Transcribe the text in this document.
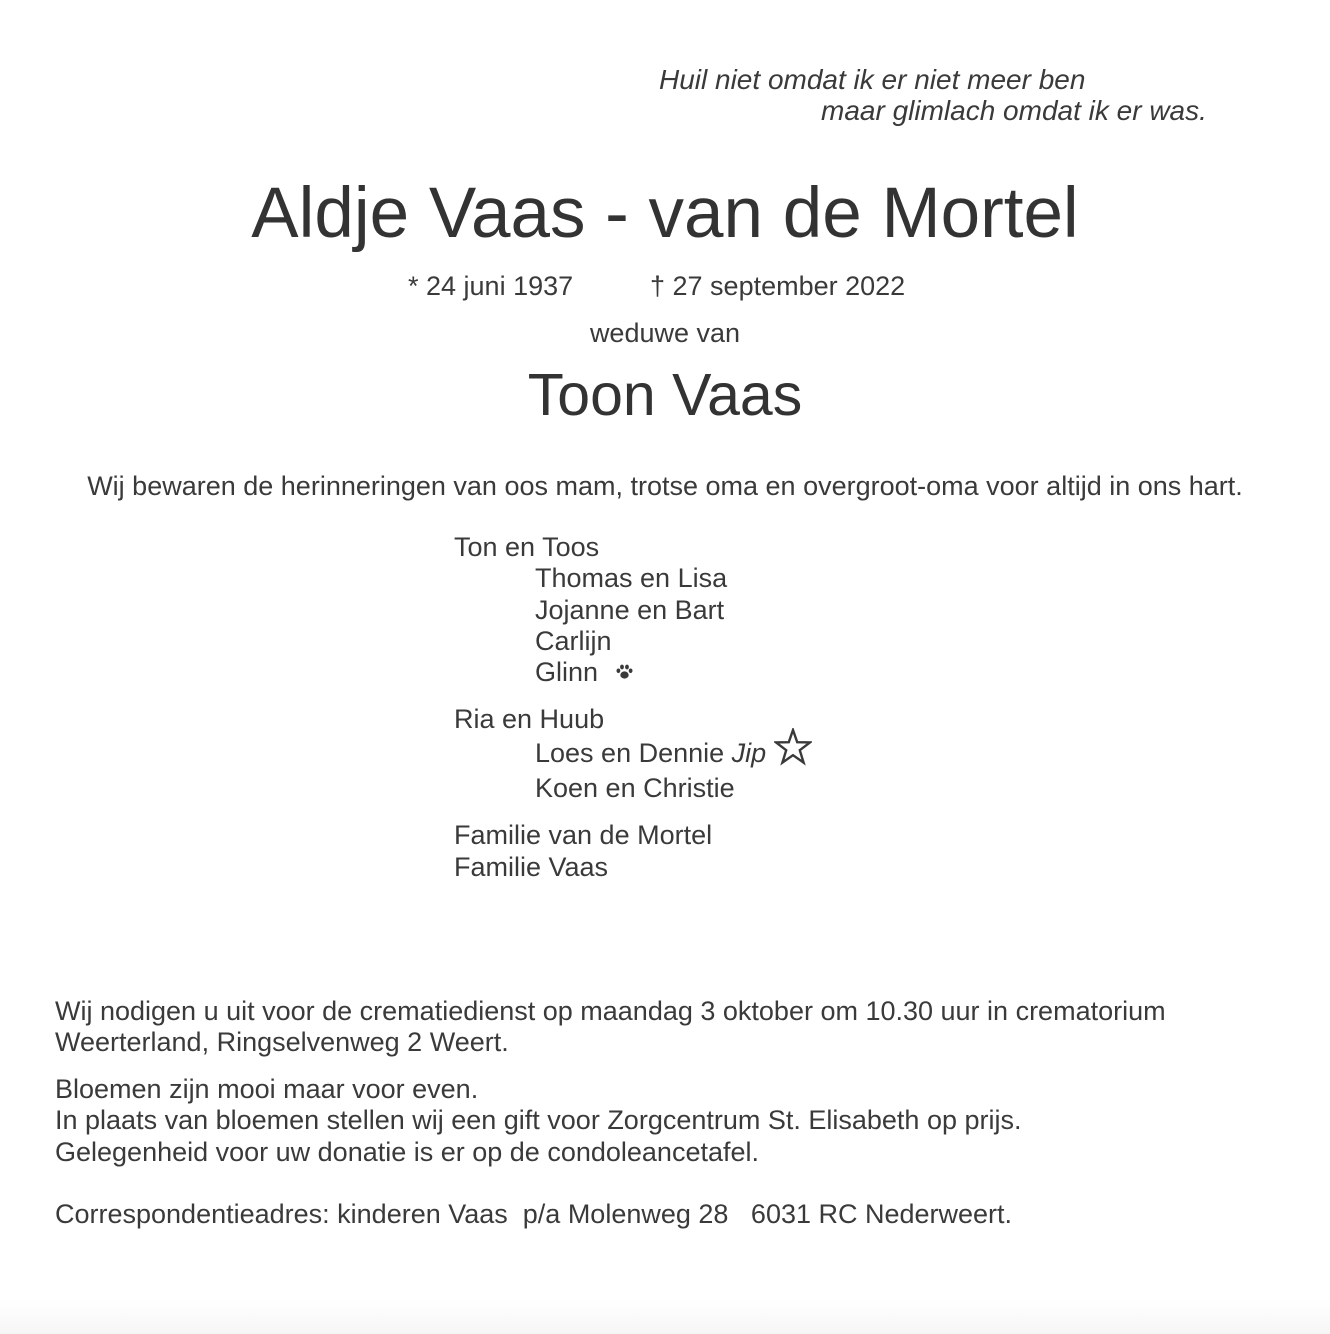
Huil niet omdat ik er niet meer ben

maar glimlach omdat ik er was.

Aldje Vaas - van de Mortel
* 24 juni 1937	† 27 september 2022

weduwe van

Toon Vaas

Wij bewaren de herinneringen van oos mam, trotse oma en overgroot-oma voor altijd in ons hart.

Ton en Toos

Thomas en Lisa

Jojanne en Bart

Carlijn

Glinn

Ria en Huub

Loes en Dennie Jip

Koen en Christie

Familie van de Mortel

Familie Vaas

Wij nodigen u uit voor de crematiedienst op maandag 3 oktober om 10.30 uur in crematorium

Weerterland, Ringselvenweg 2 Weert.

Bloemen zijn mooi maar voor even.

In plaats van bloemen stellen wij een gift voor Zorgcentrum St. Elisabeth op prijs.

Gelegenheid voor uw donatie is er op de condoleancetafel.

Correspondentieadres: kinderen Vaas  p/a Molenweg 28   6031 RC Nederweert.
